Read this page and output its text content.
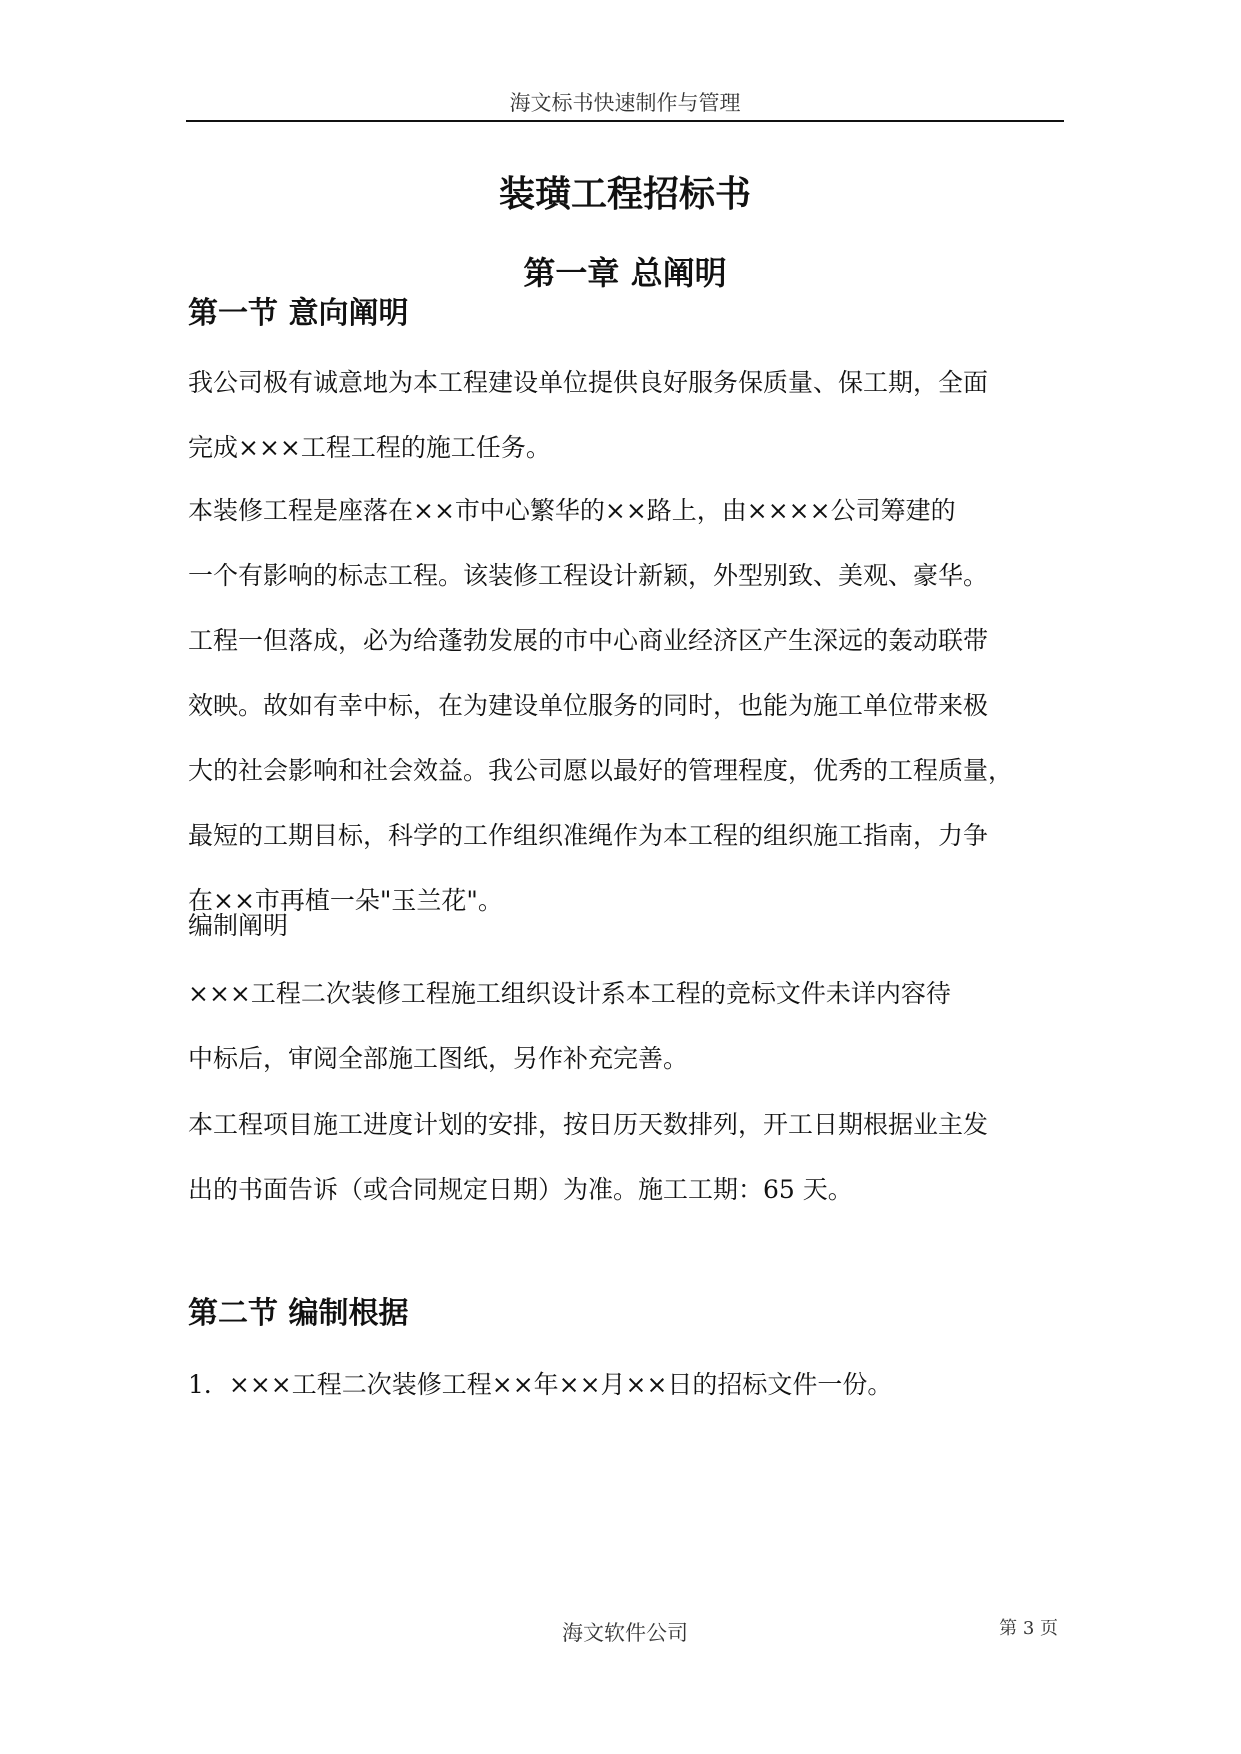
海文标书快速制作与管理
装璜工程招标书
第一章 总阐明
第一节 意向阐明

我公司极有诚意地为本工程建设单位提供良好服务保质量、保工期，全面
完成×××工程工程的施工任务。

本装修工程是座落在××市中心繁华的××路上，由××××公司筹建的
一个有影响的标志工程。该装修工程设计新颖，外型别致、美观、豪华。
工程一但落成，必为给蓬勃发展的市中心商业经济区产生深远的轰动联带
效映。故如有幸中标，在为建设单位服务的同时，也能为施工单位带来极
大的社会影响和社会效益。我公司愿以最好的管理程度，优秀的工程质量，
最短的工期目标，科学的工作组织准绳作为本工程的组织施工指南，力争
在××市再植一朵"玉兰花"。

编制阐明

×××工程二次装修工程施工组织设计系本工程的竞标文件未详内容待
中标后，审阅全部施工图纸，另作补充完善。

本工程项目施工进度计划的安排，按日历天数排列，开工日期根据业主发
出的书面告诉（或合同规定日期）为准。施工工期：65 天。

第二节 编制根据

1．×××工程二次装修工程××年××月××日的招标文件一份。

海文软件公司	第 3 页
